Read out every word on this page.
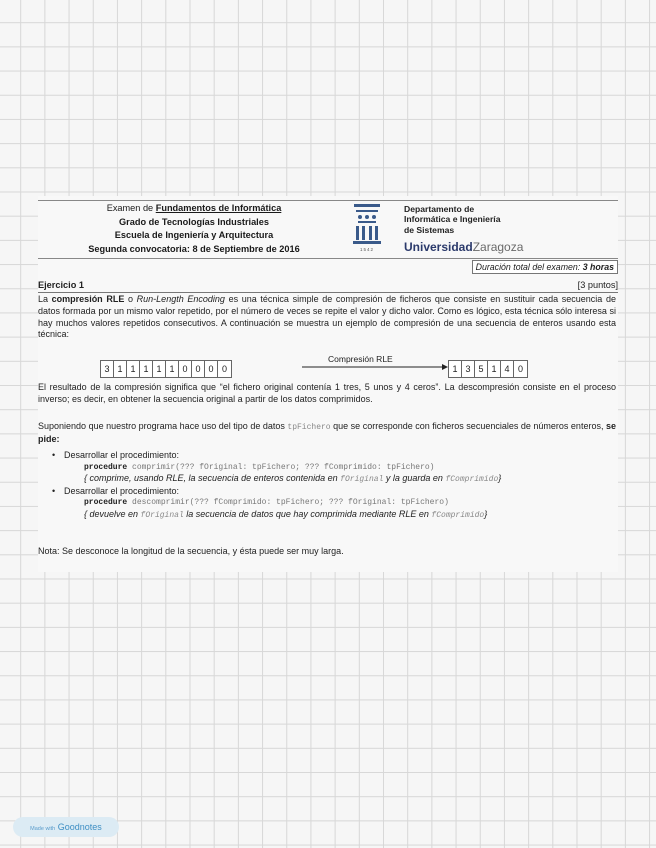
Examen de Fundamentos de Informática
Grado de Tecnologías Industriales
Escuela de Ingeniería y Arquitectura
Segunda convocatoria: 8 de Septiembre de 2016	1542
Departamento de
Informática e Ingeniería
de Sistemas
UniversidadZaragoza
Duración total del examen: 3 horas
Ejercicio 1	[3 puntos]

La compresión RLE o Run-Length Encoding es una técnica simple de compresión de ficheros que consiste en sustituir cada secuencia de datos formada por un mismo valor repetido, por el número de veces se repite el valor y dicho valor. Como es lógico, esta técnica sólo interesa si hay muchos valores repetidos consecutivos. A continuación se muestra un ejemplo de compresión de una secuencia de enteros usando esta técnica:

3 1 1 1 1 1 0 0 0 0
Compresión RLE
1 3 5 1 4 0

El resultado de la compresión significa que “el fichero original contenía 1 tres, 5 unos y 4 ceros”. La descompresión consiste en el proceso inverso; es decir, en obtener la secuencia original a partir de los datos comprimidos.

Suponiendo que nuestro programa hace uso del tipo de datos tpFichero que se corresponde con ficheros secuenciales de números enteros, se pide:

• Desarrollar el procedimiento:
procedure comprimir(??? fOriginal: tpFichero; ??? fComprimido: tpFichero)
{ comprime, usando RLE, la secuencia de enteros contenida en fOriginal y la guarda en fComprimido}
• Desarrollar el procedimiento:
procedure descomprimir(??? fComprimido: tpFichero; ??? fOriginal: tpFichero)
{ devuelve en fOriginal la secuencia de datos que hay comprimida mediante RLE en fComprimido}

Nota: Se desconoce la longitud de la secuencia, y ésta puede ser muy larga.

Made with Goodnotes
